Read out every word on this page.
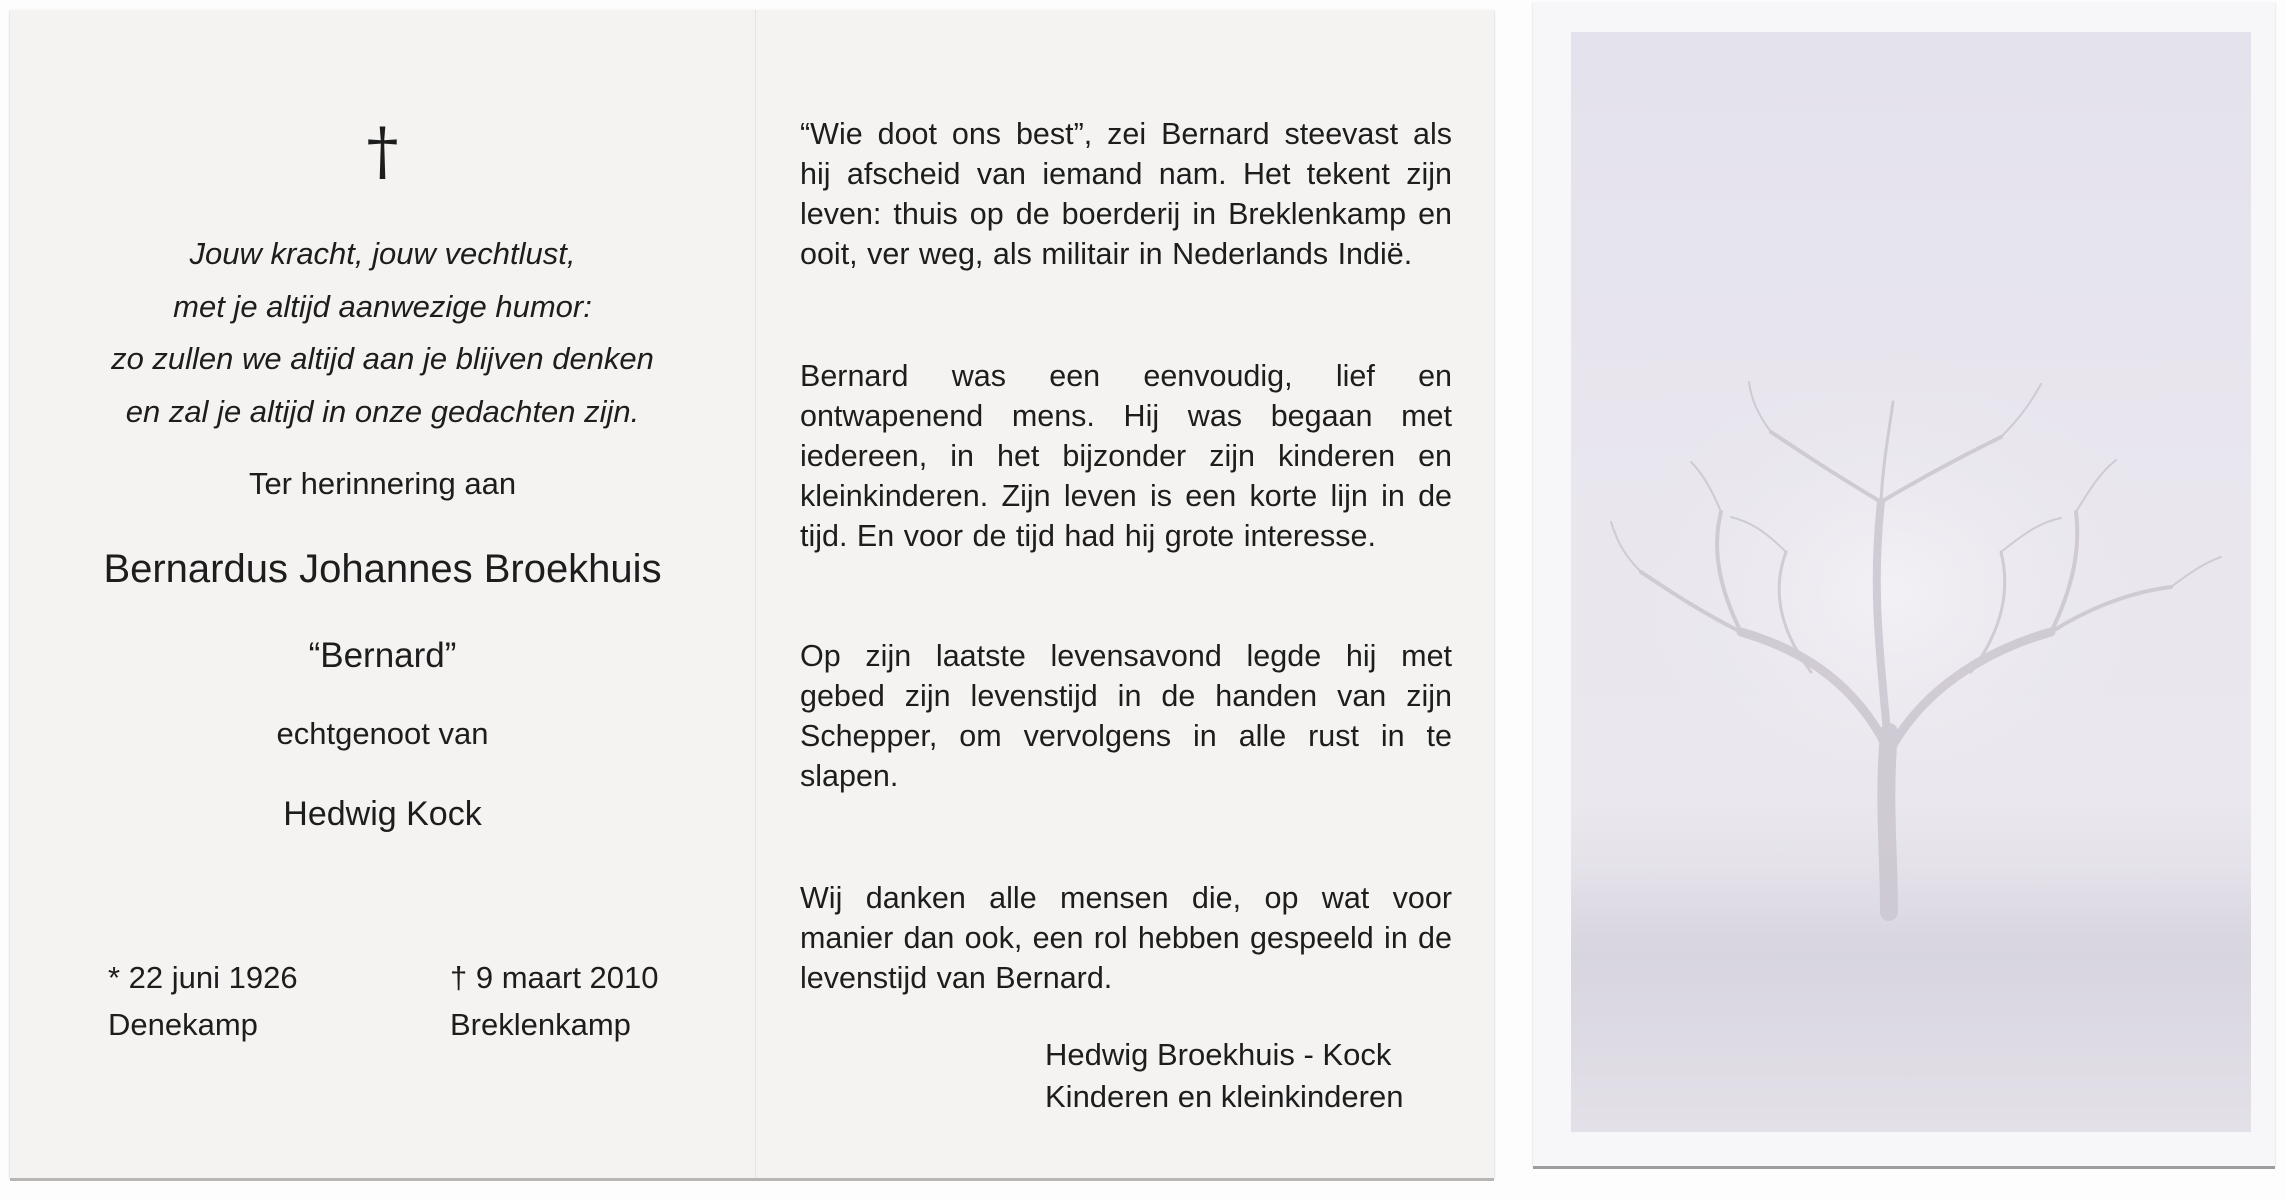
†
Jouw kracht, jouw vechtlust,
met je altijd aanwezige humor:
zo zullen we altijd aan je blijven denken
en zal je altijd in onze gedachten zijn.
Ter herinnering aan
Bernardus Johannes Broekhuis
“Bernard”
echtgenoot van
Hedwig Kock
* 22 juni 1926
Denekamp
† 9 maart 2010
Breklenkamp

“Wie doot ons best”, zei Bernard steevast als hij afscheid van iemand nam. Het tekent zijn leven: thuis op de boerderij in Breklenkamp en ooit, ver weg, als militair in Nederlands Indië.

Bernard was een eenvoudig, lief en ontwapenend mens. Hij was begaan met iedereen, in het bijzonder zijn kinderen en kleinkinderen. Zijn leven is een korte lijn in de tijd. En voor de tijd had hij grote interesse.

Op zijn laatste levensavond legde hij met gebed zijn levenstijd in de handen van zijn Schepper, om vervolgens in alle rust in te slapen.

Wij danken alle mensen die, op wat voor manier dan ook, een rol hebben gespeeld in de levenstijd van Bernard.

Hedwig Broekhuis - Kock
Kinderen en kleinkinderen
